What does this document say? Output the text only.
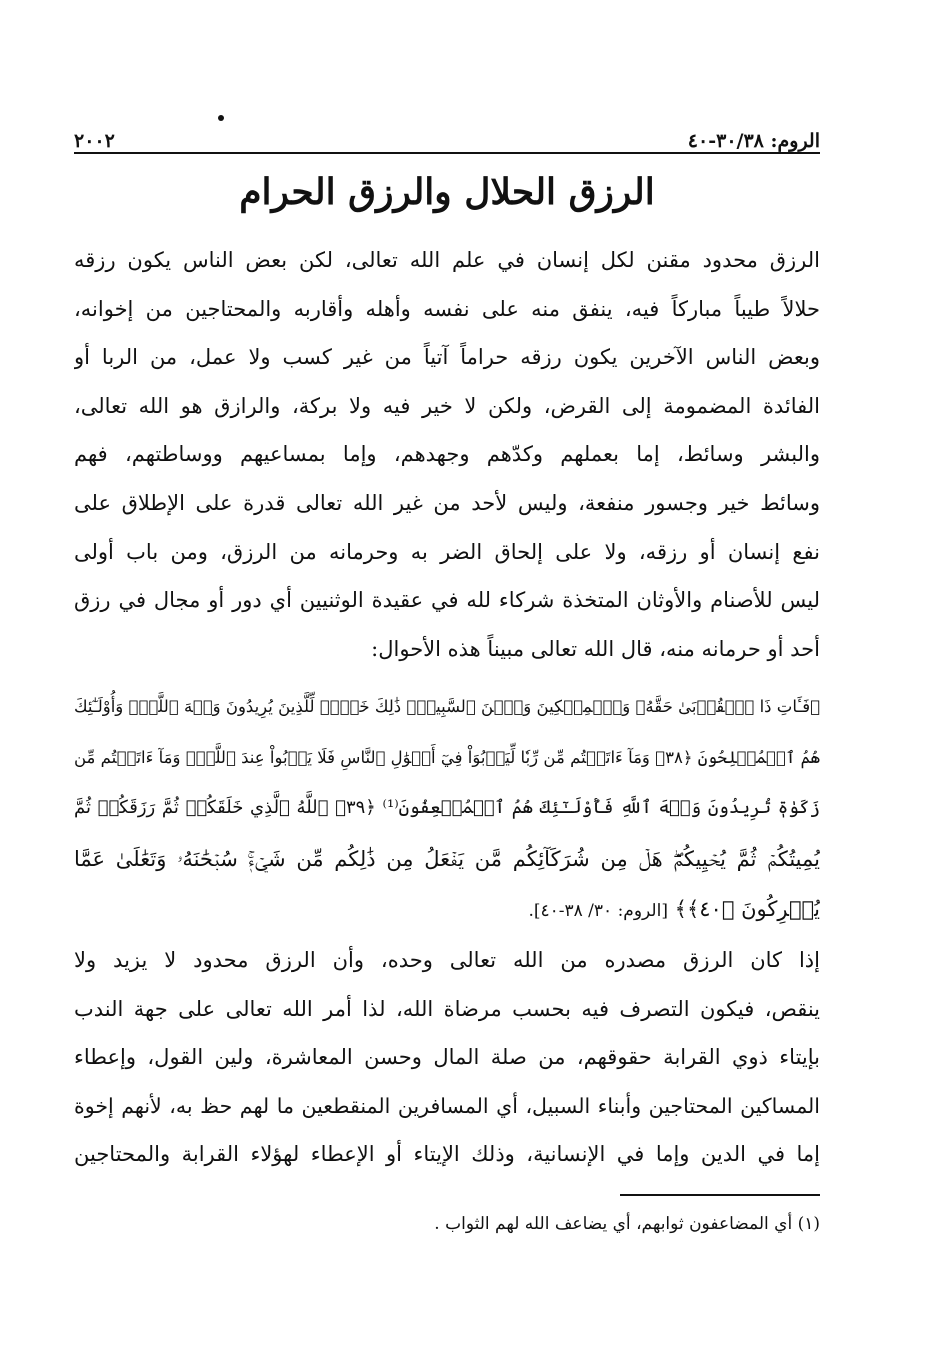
الروم: ٣٠/٣٨-٤٠
٢٠٠٢
الرزق الحلال والرزق الحرام
الرزق محدود مقنن لكل إنسان في علم الله تعالى، لكن بعض الناس يكون رزقه
حلالاً طيباً مباركاً فيه، ينفق منه على نفسه وأهله وأقاربه والمحتاجين من إخوانه،
وبعض الناس الآخرين يكون رزقه حراماً آتياً من غير كسب ولا عمل، من الربا أو
الفائدة المضمومة إلى القرض، ولكن لا خير فيه ولا بركة، والرازق هو الله تعالى،
والبشر وسائط، إما بعملهم وكدّهم وجهدهم، وإما بمساعيهم ووساطتهم، فهم
وسائط خير وجسور منفعة، وليس لأحد من غير الله تعالى قدرة على الإطلاق على
نفع إنسان أو رزقه، ولا على إلحاق الضر به وحرمانه من الرزق، ومن باب أولى
ليس للأصنام والأوثان المتخذة شركاء لله في عقيدة الوثنيين أي دور أو مجال في رزق
أحد أو حرمانه منه، قال الله تعالى مبيناً هذه الأحوال:
﴿فَـَٔاتِ ذَا ٱلۡقُرۡبَىٰ حَقَّهُۥ وَٱلۡمِسۡكِينَ وَٱبۡنَ ٱلسَّبِيلِۚ ذَٰلِكَ خَيۡرٞ لِّلَّذِينَ يُرِيدُونَ وَجۡهَ ٱللَّهِۖ وَأُوْلَـٰٓئِكَ
هُمُ ٱلۡمُفۡلِحُونَ ﴿٣٨﴾ وَمَآ ءَاتَيۡتُم مِّن رِّبٗا لِّيَرۡبُوَاْ فِيٓ أَمۡوَٰلِ ٱلنَّاسِ فَلَا يَرۡبُواْ عِندَ ٱللَّهِۖ وَمَآ ءَاتَيۡتُم مِّن
زَكَوٰةٖ تُرِيدُونَ وَجۡهَ ٱللَّهِ فَأُوْلَـٰٓئِكَ هُمُ ٱلۡمُضۡعِفُونَ⁽¹⁾ ﴿٣٩﴾ ٱللَّهُ ٱلَّذِي خَلَقَكُمۡ ثُمَّ رَزَقَكُمۡ ثُمَّ
يُمِيتُكُمۡ ثُمَّ يُحۡيِيكُمۡۖ هَلۡ مِن شُرَكَآئِكُم مَّن يَفۡعَلُ مِن ذَٰلِكُم مِّن شَيۡءٖۚ سُبۡحَٰنَهُۥ وَتَعَٰلَىٰ عَمَّا
يُشۡرِكُونَ ﴿٤٠﴾﴾ [الروم: ٣٠/ ٣٨-٤٠].
إذا كان الرزق مصدره من الله تعالى وحده، وأن الرزق محدود لا يزيد ولا
ينقص، فيكون التصرف فيه بحسب مرضاة الله، لذا أمر الله تعالى على جهة الندب
بإيتاء ذوي القرابة حقوقهم، من صلة المال وحسن المعاشرة، ولين القول، وإعطاء
المساكين المحتاجين وأبناء السبيل، أي المسافرين المنقطعين ما لهم حظ به، لأنهم إخوة
إما في الدين وإما في الإنسانية، وذلك الإيتاء أو الإعطاء لهؤلاء القرابة والمحتاجين
(١) أي المضاعفون ثوابهم، أي يضاعف الله لهم الثواب .
